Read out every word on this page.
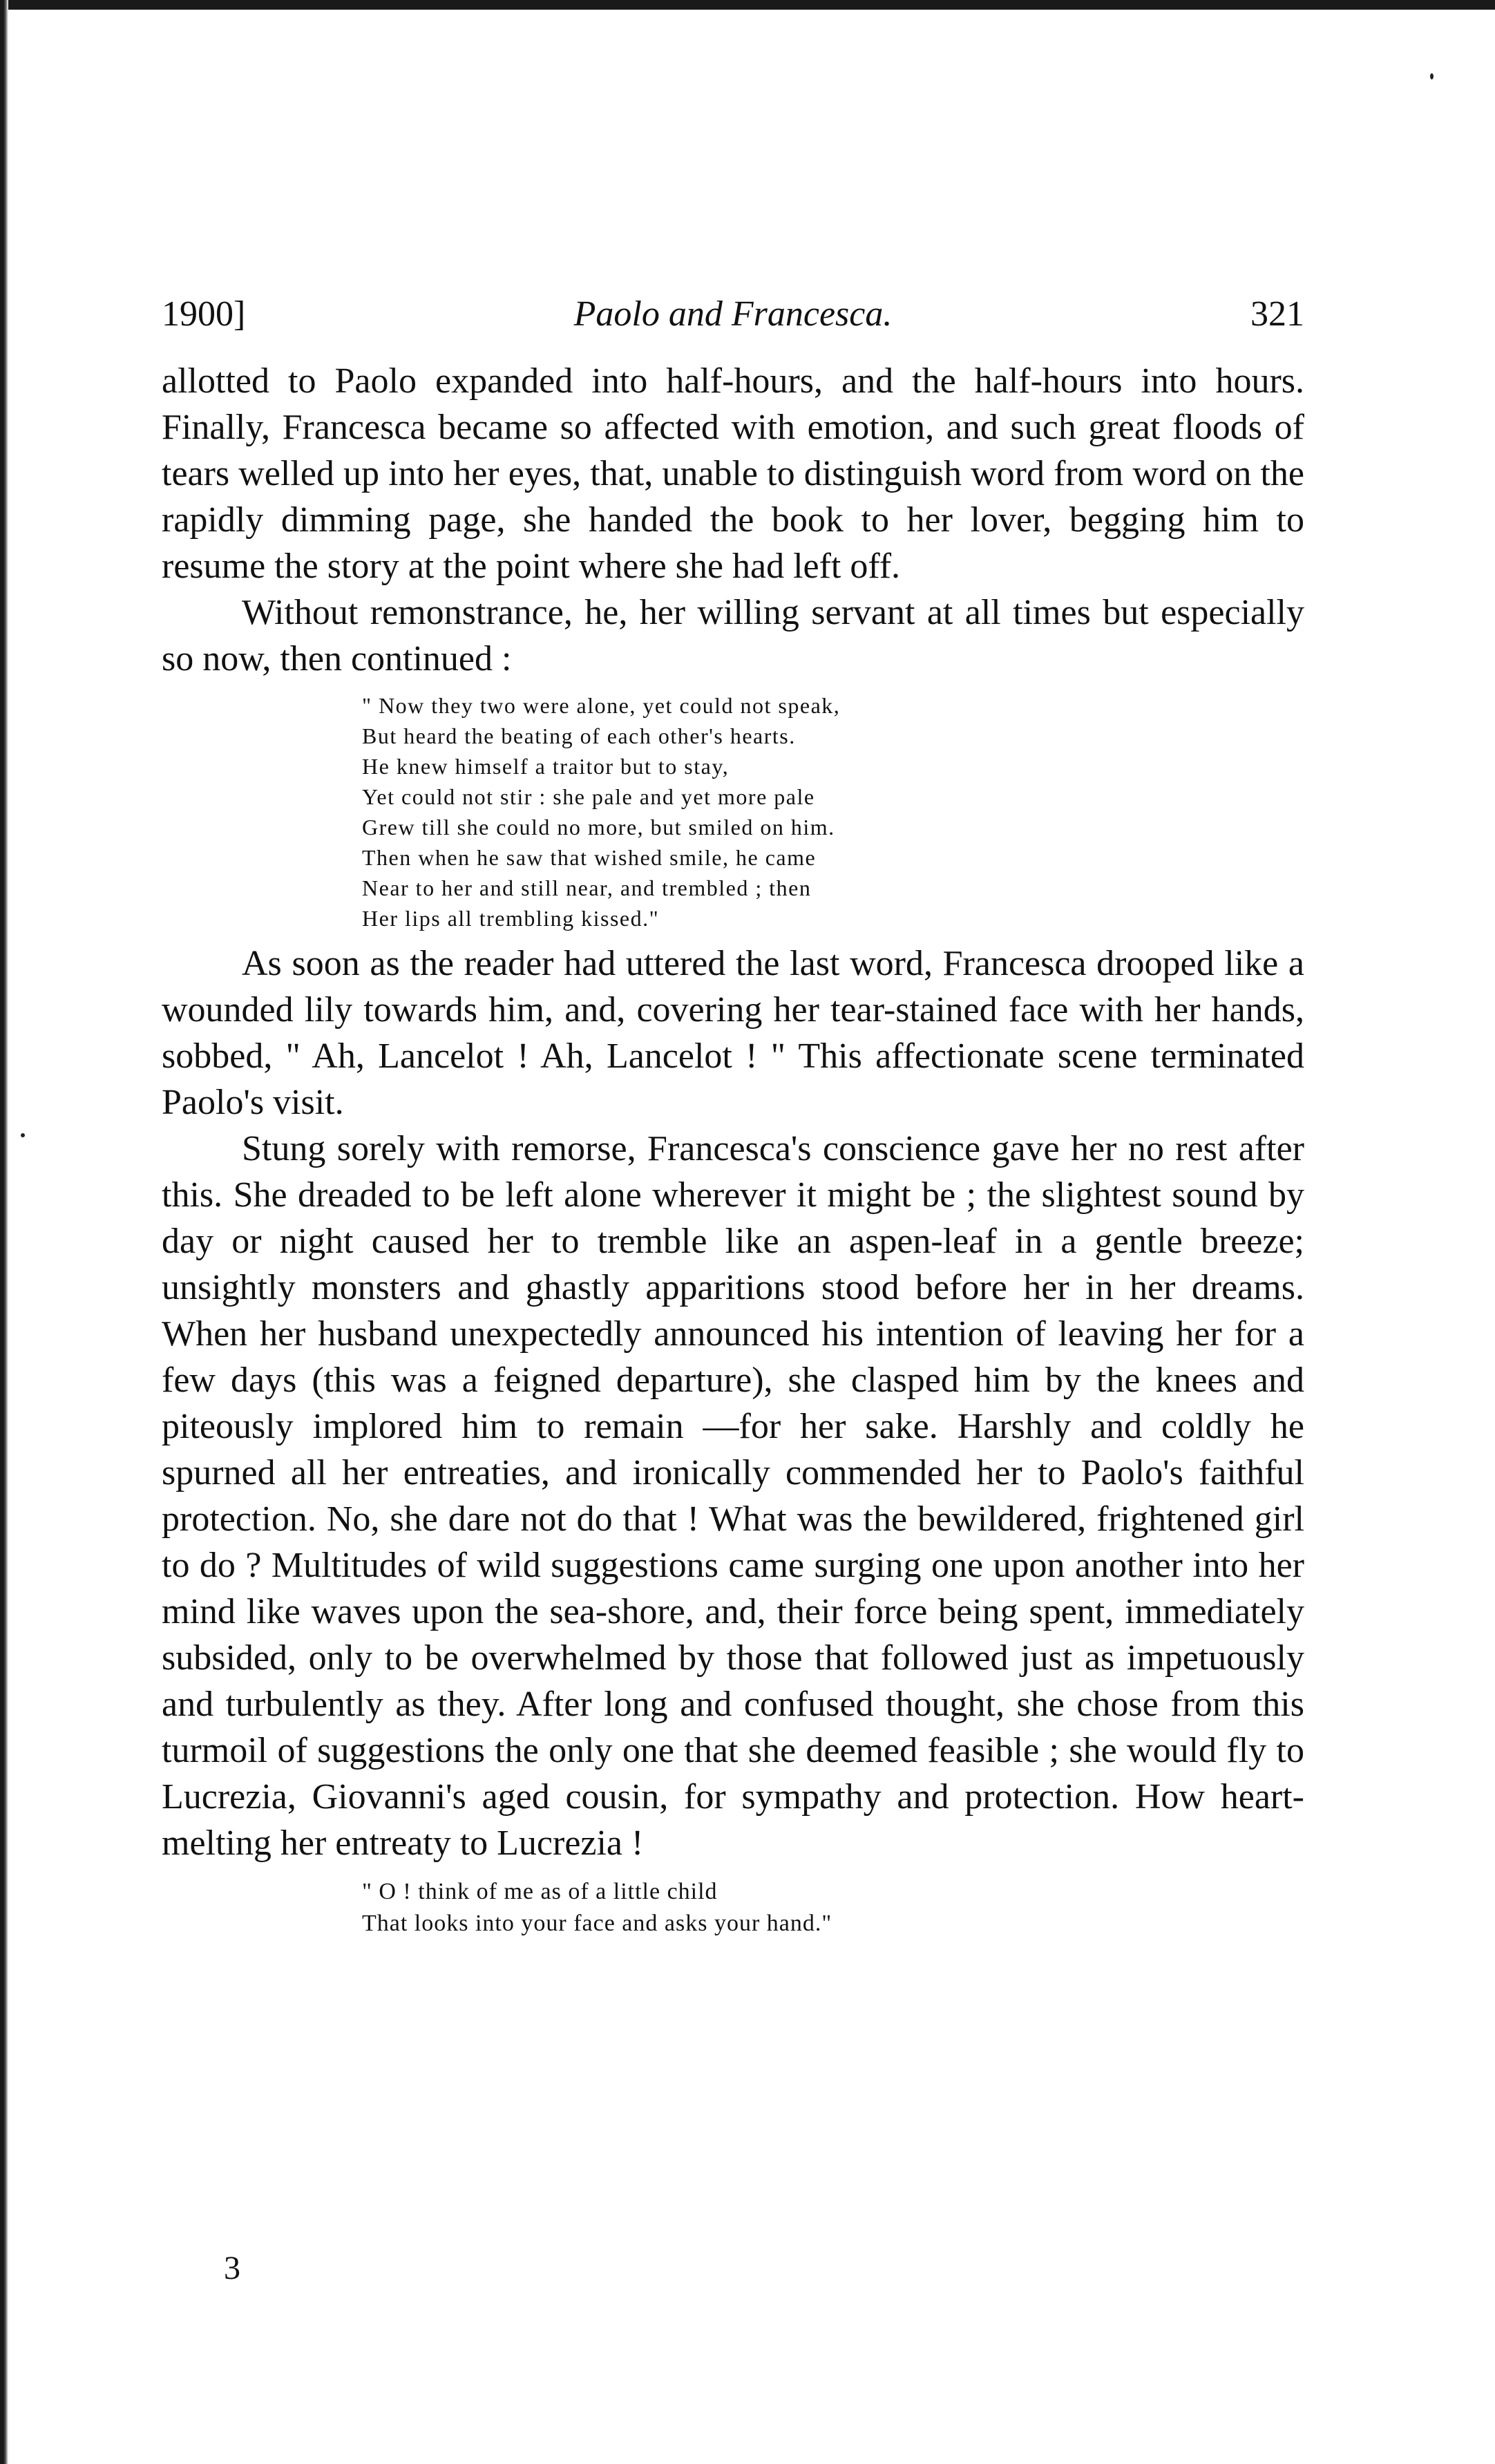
1900]	Paolo and Francesca.	321

allotted to Paolo expanded into half-hours, and the half-hours into hours. Finally, Francesca became so affected with emotion, and such great floods of tears welled up into her eyes, that, unable to distinguish word from word on the rapidly dimming page, she handed the book to her lover, begging him to resume the story at the point where she had left off.

Without remonstrance, he, her willing servant at all times but especially so now, then continued :

" Now they two were alone, yet could not speak,
But heard the beating of each other's hearts.
He knew himself a traitor but to stay,
Yet could not stir : she pale and yet more pale
Grew till she could no more, but smiled on him.
Then when he saw that wished smile, he came
Near to her and still near, and trembled ; then
Her lips all trembling kissed."

As soon as the reader had uttered the last word, Francesca drooped like a wounded lily towards him, and, covering her tear-stained face with her hands, sobbed, " Ah, Lancelot ! Ah, Lancelot ! " This affectionate scene terminated Paolo's visit.

Stung sorely with remorse, Francesca's conscience gave her no rest after this. She dreaded to be left alone wherever it might be ; the slightest sound by day or night caused her to tremble like an aspen-leaf in a gentle breeze; unsightly monsters and ghastly apparitions stood before her in her dreams. When her husband unexpectedly announced his intention of leaving her for a few days (this was a feigned departure), she clasped him by the knees and piteously implored him to remain —for her sake. Harshly and coldly he spurned all her entreaties, and ironically commended her to Paolo's faithful protection. No, she dare not do that ! What was the bewildered, frightened girl to do ? Multitudes of wild suggestions came surging one upon another into her mind like waves upon the sea-shore, and, their force being spent, immediately subsided, only to be overwhelmed by those that followed just as impetuously and turbulently as they. After long and confused thought, she chose from this turmoil of suggestions the only one that she deemed feasible ; she would fly to Lucrezia, Giovanni's aged cousin, for sympathy and protection. How heart-melting her entreaty to Lucrezia !

" O ! think of me as of a little child
That looks into your face and asks your hand."
3
